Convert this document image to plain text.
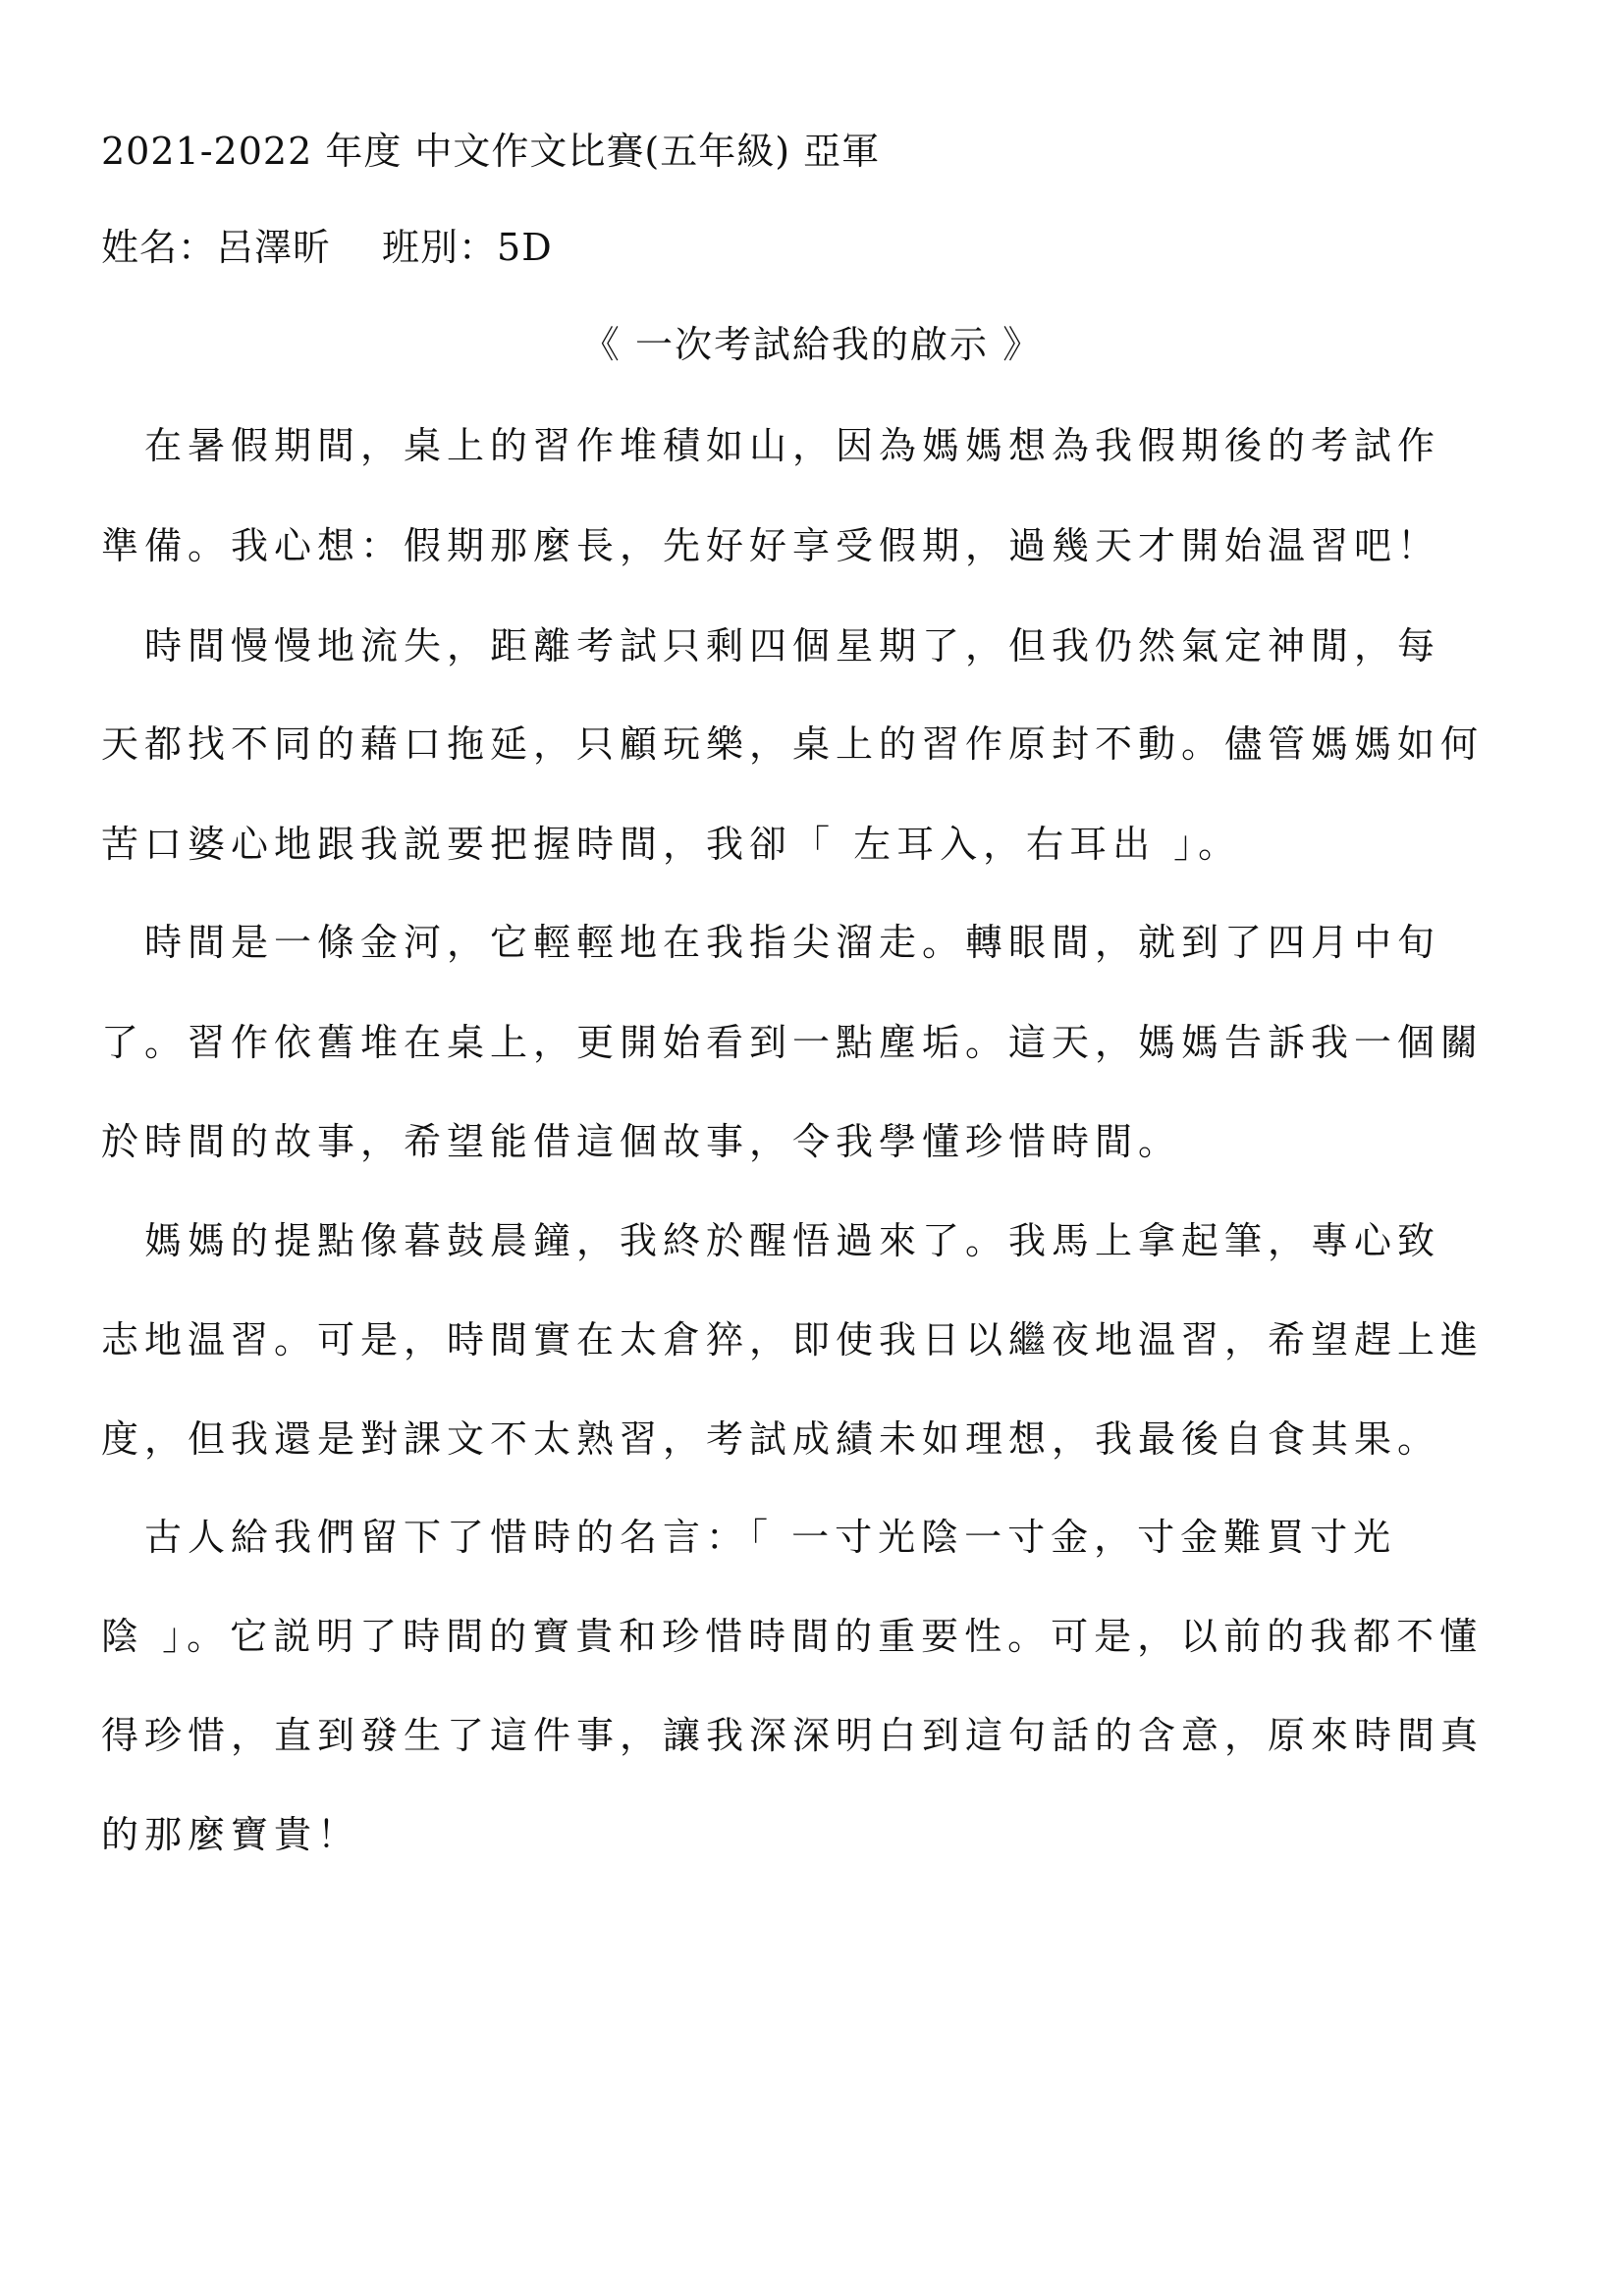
2021-2022 年度 中文作文比賽(五年級) 亞軍
姓名：呂澤昕 班別：5D
《 一次考試給我的啟示 》
　在暑假期間，桌上的習作堆積如山，因為媽媽想為我假期後的考試作
準備。我心想：假期那麼長，先好好享受假期，過幾天才開始温習吧！
　時間慢慢地流失，距離考試只剩四個星期了，但我仍然氣定神閒，每
天都找不同的藉口拖延，只顧玩樂，桌上的習作原封不動。儘管媽媽如何
苦口婆心地跟我説要把握時間，我卻「 左耳入，右耳出 」。
　時間是一條金河，它輕輕地在我指尖溜走。轉眼間，就到了四月中旬
了。習作依舊堆在桌上，更開始看到一點塵垢。這天，媽媽告訴我一個關
於時間的故事，希望能借這個故事，令我學懂珍惜時間。
　媽媽的提點像暮鼓晨鐘，我終於醒悟過來了。我馬上拿起筆，專心致
志地温習。可是，時間實在太倉猝，即使我日以繼夜地温習，希望趕上進
度，但我還是對課文不太熟習，考試成績未如理想，我最後自食其果。
　古人給我們留下了惜時的名言：「 一寸光陰一寸金，寸金難買寸光
陰 」。它説明了時間的寶貴和珍惜時間的重要性。可是，以前的我都不懂
得珍惜，直到發生了這件事，讓我深深明白到這句話的含意，原來時間真
的那麼寶貴！
